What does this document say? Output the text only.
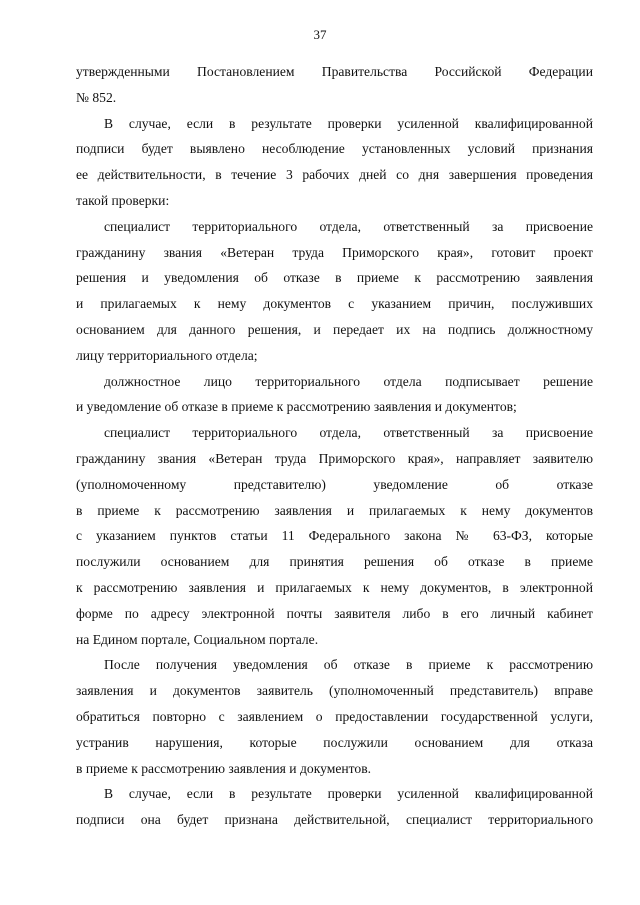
37
утвержденными Постановлением Правительства Российской Федерации
№ 852.
В случае, если в результате проверки усиленной квалифицированной
подписи будет выявлено несоблюдение установленных условий признания
ее действительности, в течение 3 рабочих дней со дня завершения проведения
такой проверки:
специалист территориального отдела, ответственный за присвоение
гражданину звания «Ветеран труда Приморского края», готовит проект
решения и уведомления об отказе в приеме к рассмотрению заявления
и прилагаемых к нему документов с указанием причин, послуживших
основанием для данного решения, и передает их на подпись должностному
лицу территориального отдела;
должностное лицо территориального отдела подписывает решение
и уведомление об отказе в приеме к рассмотрению заявления и документов;
специалист территориального отдела, ответственный за присвоение
гражданину звания «Ветеран труда Приморского края», направляет заявителю
(уполномоченному представителю) уведомление об отказе
в приеме к рассмотрению заявления и прилагаемых к нему документов
с указанием пунктов статьи 11 Федерального закона № 63-ФЗ, которые
послужили основанием для принятия решения об отказе в приеме
к рассмотрению заявления и прилагаемых к нему документов, в электронной
форме по адресу электронной почты заявителя либо в его личный кабинет
на Едином портале, Социальном портале.
После получения уведомления об отказе в приеме к рассмотрению
заявления и документов заявитель (уполномоченный представитель) вправе
обратиться повторно с заявлением о предоставлении государственной услуги,
устранив нарушения, которые послужили основанием для отказа
в приеме к рассмотрению заявления и документов.
В случае, если в результате проверки усиленной квалифицированной
подписи она будет признана действительной, специалист территориального
